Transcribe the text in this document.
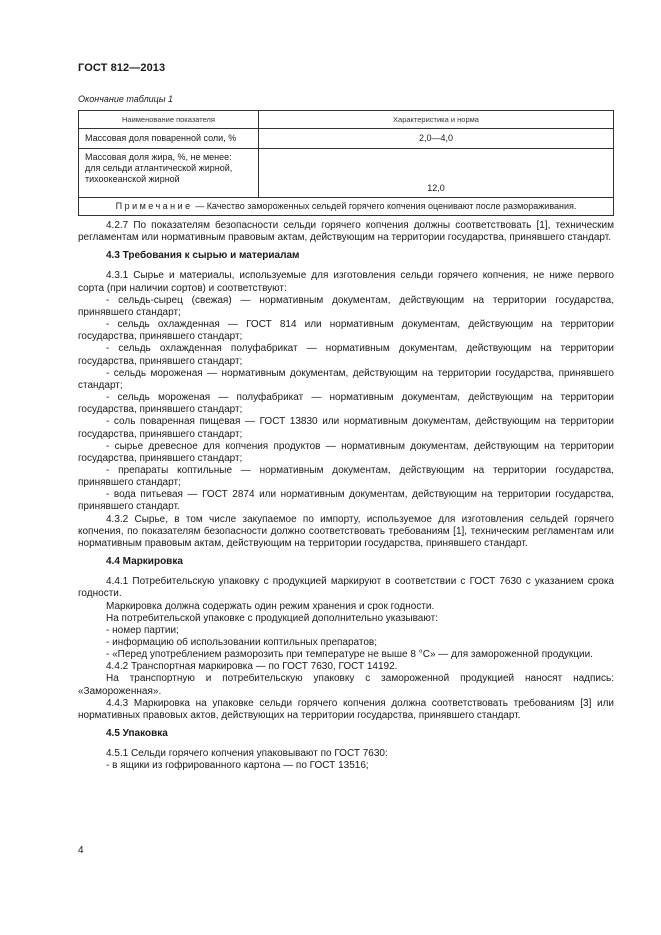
ГОСТ 812—2013
Окончание таблицы 1
Наименование показателя	Характеристика и норма
Массовая доля поваренной соли, %	2,0—4,0

Массовая доля жира, %, не менее:
для сельди атлантической жирной,
тихоокеанской жирной	12,0
Примечание — Качество замороженных сельдей горячего копчения оценивают после размораживания.	

4.2.7 По показателям безопасности сельди горячего копчения должны соответствовать [1], техническим регламентам или нормативным правовым актам, действующим на территории государства, принявшего стандарт.

4.3 Требования к сырью и материалам

4.3.1 Сырье и материалы, используемые для изготовления сельди горячего копчения, не ниже первого сорта (при наличии сортов) и соответствуют:

- сельдь-сырец (свежая) — нормативным документам, действующим на территории государства, принявшего стандарт;

- сельдь охлажденная — ГОСТ 814 или нормативным документам, действующим на территории государства, принявшего стандарт;

- сельдь охлажденная полуфабрикат — нормативным документам, действующим на территории государства, принявшего стандарт;

- сельдь мороженая — нормативным документам, действующим на территории государства, принявшего стандарт;

- сельдь мороженая — полуфабрикат — нормативным документам, действующим на территории государства, принявшего стандарт;

- соль поваренная пищевая — ГОСТ 13830 или нормативным документам, действующим на территории государства, принявшего стандарт;

- сырье древесное для копчения продуктов — нормативным документам, действующим на территории государства, принявшего стандарт;

- препараты коптильные — нормативным документам, действующим на территории государства, принявшего стандарт;

- вода питьевая — ГОСТ 2874 или нормативным документам, действующим на территории государства, принявшего стандарт.

4.3.2 Сырье, в том числе закупаемое по импорту, используемое для изготовления сельдей горячего копчения, по показателям безопасности должно соответствовать требованиям [1], техническим регламентам или нормативным правовым актам, действующим на территории государства, принявшего стандарт.

4.4 Маркировка

4.4.1 Потребительскую упаковку с продукцией маркируют в соответствии с ГОСТ 7630 с указанием срока годности.

Маркировка должна содержать один режим хранения и срок годности.

На потребительской упаковке с продукцией дополнительно указывают:

- номер партии;

- информацию об использовании коптильных препаратов;

- «Перед употреблением разморозить при температуре не выше 8 °С» — для замороженной продукции.

4.4.2 Транспортная маркировка — по ГОСТ 7630, ГОСТ 14192.

На транспортную и потребительскую упаковку с замороженной продукцией наносят надпись: «Замороженная».

4.4.3 Маркировка на упаковке сельди горячего копчения должна соответствовать требованиям [3] или нормативных правовых актов, действующих на территории государства, принявшего стандарт.

4.5 Упаковка

4.5.1 Сельди горячего копчения упаковывают по ГОСТ 7630:

- в ящики из гофрированного картона — по ГОСТ 13516;

4
